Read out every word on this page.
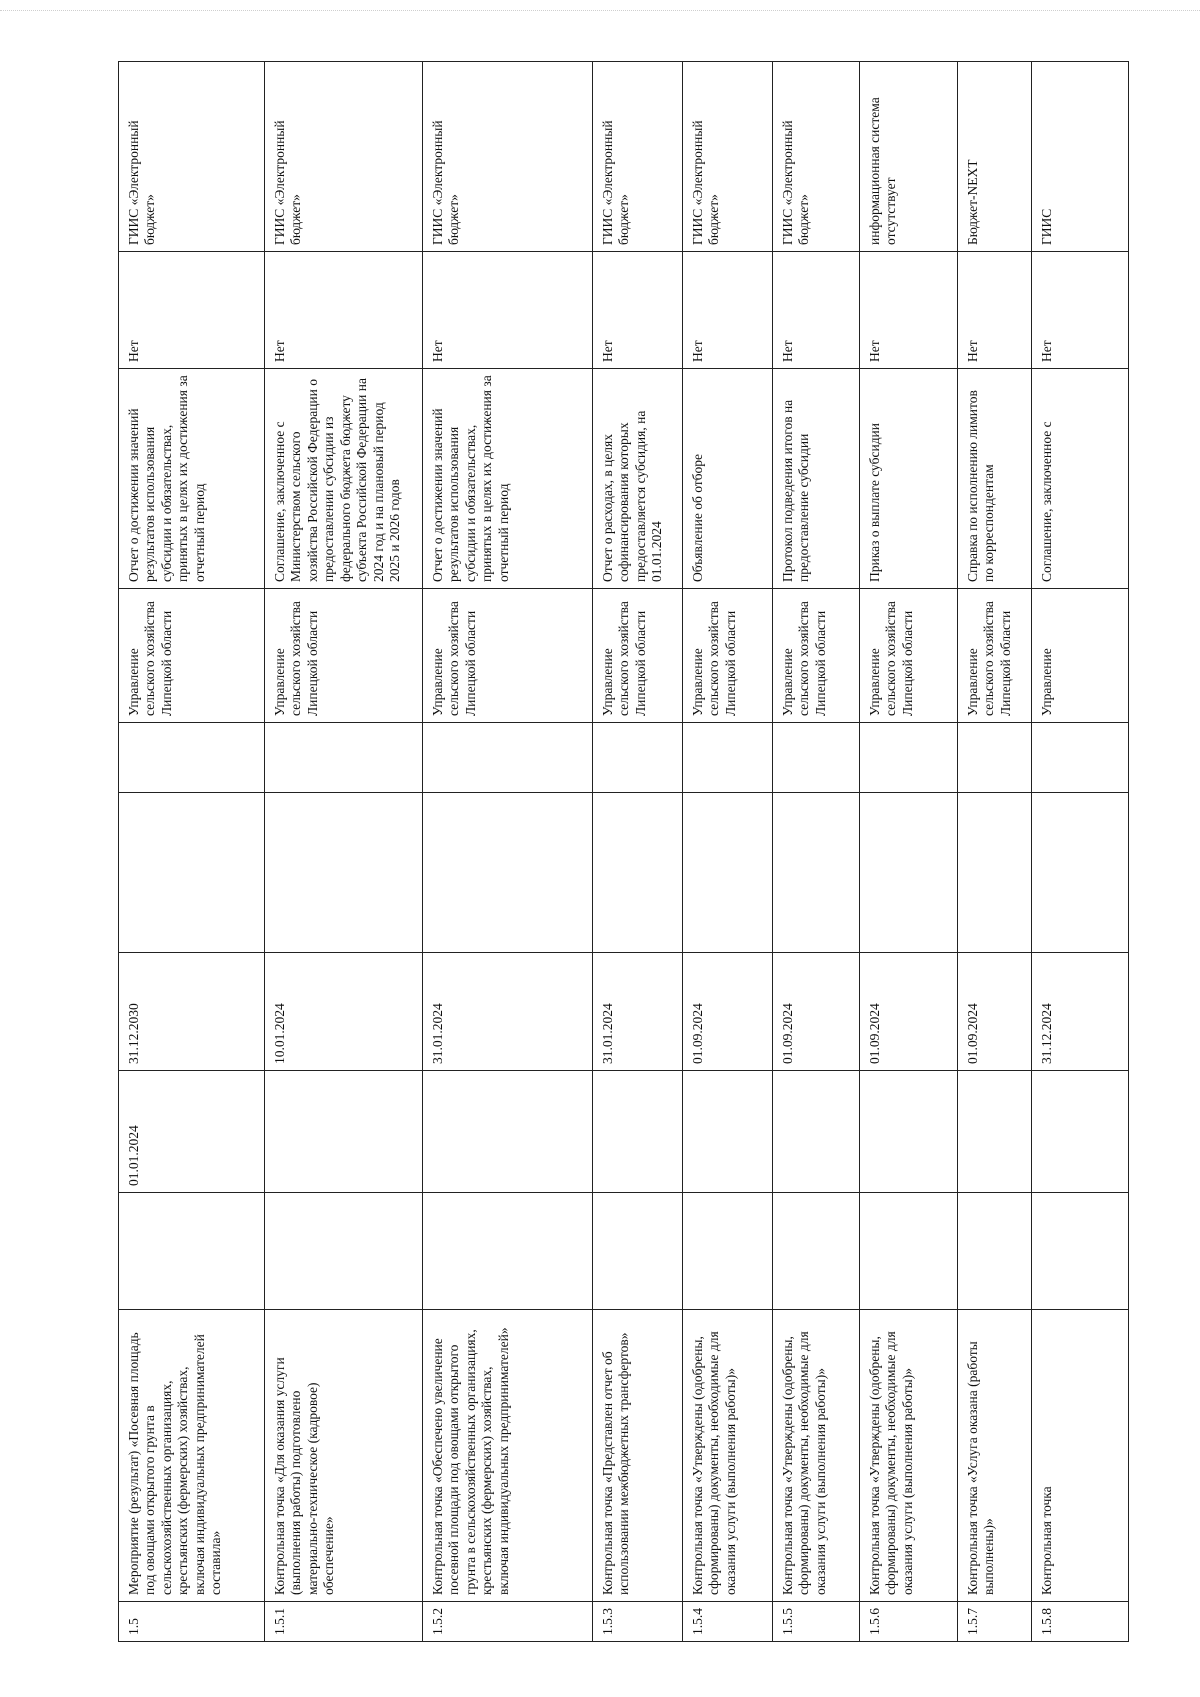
1.5	Мероприятие (результат) «Посевная площадь под овощами открытого грунта в сельскохозяйственных организациях, крестьянских (фермерских) хозяйствах, включая индивидуальных предпринимателей составила»		01.01.2024	31.12.2030			Управление сельского хозяйства Липецкой области	Отчет о достижении значений результатов использования субсидии и обязательствах, принятых в целях их достижения за отчетный период	Нет	ГИИС «Электронный бюджет»
1.5.1	Контрольная точка «Для оказания услуги (выполнения работы) подготовлено материально-техническое (кадровое) обеспечение»			10.01.2024			Управление сельского хозяйства Липецкой области	Соглашение, заключенное с Министерством сельского хозяйства Российской Федерации о предоставлении субсидии из федерального бюджета бюджету субъекта Российской Федерации на 2024 год и на плановый период 2025 и 2026 годов	Нет	ГИИС «Электронный бюджет»
1.5.2	Контрольная точка «Обеспечено увеличение посевной площади под овощами открытого грунта в сельскохозяйственных организациях, крестьянских (фермерских) хозяйствах, включая индивидуальных предпринимателей»			31.01.2024			Управление сельского хозяйства Липецкой области	Отчет о достижении значений результатов использования субсидии и обязательствах, принятых в целях их достижения за отчетный период	Нет	ГИИС «Электронный бюджет»
1.5.3	Контрольная точка «Представлен отчет об использовании межбюджетных трансфертов»			31.01.2024			Управление сельского хозяйства Липецкой области	Отчет о расходах, в целях софинансирования которых предоставляется субсидия, на 01.01.2024	Нет	ГИИС «Электронный бюджет»
1.5.4	Контрольная точка «Утверждены (одобрены, сформированы) документы, необходимые для оказания услуги (выполнения работы)»			01.09.2024			Управление сельского хозяйства Липецкой области	Объявление об отборе	Нет	ГИИС «Электронный бюджет»
1.5.5	Контрольная точка «Утверждены (одобрены, сформированы) документы, необходимые для оказания услуги (выполнения работы)»			01.09.2024			Управление сельского хозяйства Липецкой области	Протокол подведения итогов на предоставление субсидии	Нет	ГИИС «Электронный бюджет»
1.5.6	Контрольная точка «Утверждены (одобрены, сформированы) документы, необходимые для оказания услуги (выполнения работы)»			01.09.2024			Управление сельского хозяйства Липецкой области	Приказ о выплате субсидии	Нет	информационная система отсутствует
1.5.7	Контрольная точка «Услуга оказана (работы выполнены)»			01.09.2024			Управление сельского хозяйства Липецкой области	Справка по исполнению лимитов по корреспондентам	Нет	Бюджет-NEXT
1.5.8	Контрольная точка			31.12.2024			Управление	Соглашение, заключенное с	Нет	ГИИС
